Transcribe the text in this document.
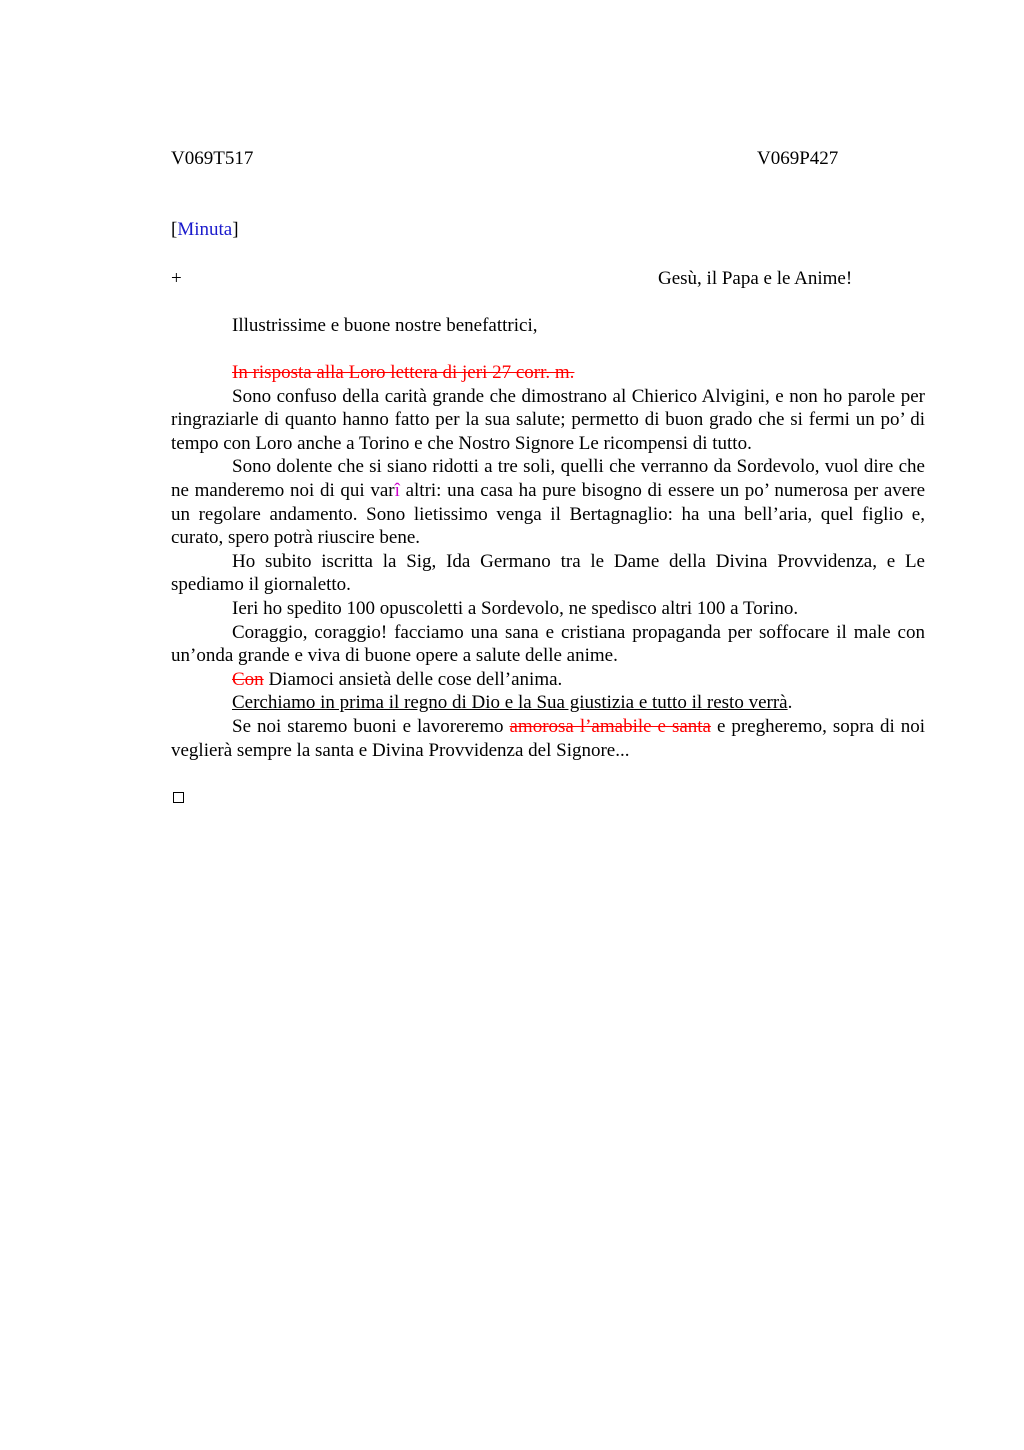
V069T517	V069P427
[Minuta]
+	Gesù, il Papa e le Anime!
Illustrissime e buone nostre benefattrici,

In risposta alla Loro lettera di jeri 27 corr. m.

Sono confuso della carità grande che dimostrano al Chierico Alvigini, e non ho parole per ringraziarle di quanto hanno fatto per la sua salute; permetto di buon grado che si fermi un po’ di tempo con Loro anche a Torino e che Nostro Signore Le ricompensi di tutto.

Sono dolente che si siano ridotti a tre soli, quelli che verranno da Sordevolo, vuol dire che ne manderemo noi di qui varî altri: una casa ha pure bisogno di essere un po’ numerosa per avere un regolare andamento. Sono lietissimo venga il Bertagnaglio: ha una bell’aria, quel figlio e, curato, spero potrà riuscire bene.

Ho subito iscritta la Sig, Ida Germano tra le Dame della Divina Provvidenza, e Le spediamo il giornaletto.

Ieri ho spedito 100 opuscoletti a Sordevolo, ne spedisco altri 100 a Torino.

Coraggio, coraggio! facciamo una sana e cristiana propaganda per soffocare il male con un’onda grande e viva di buone opere a salute delle anime.

Con Diamoci ansietà delle cose dell’anima.

Cerchiamo in prima il regno di Dio e la Sua giustizia e tutto il resto verrà.

Se noi staremo buoni e lavoreremo amorosa l’amabile e santa e pregheremo, sopra di noi veglierà sempre la santa e Divina Provvidenza del Signore...
